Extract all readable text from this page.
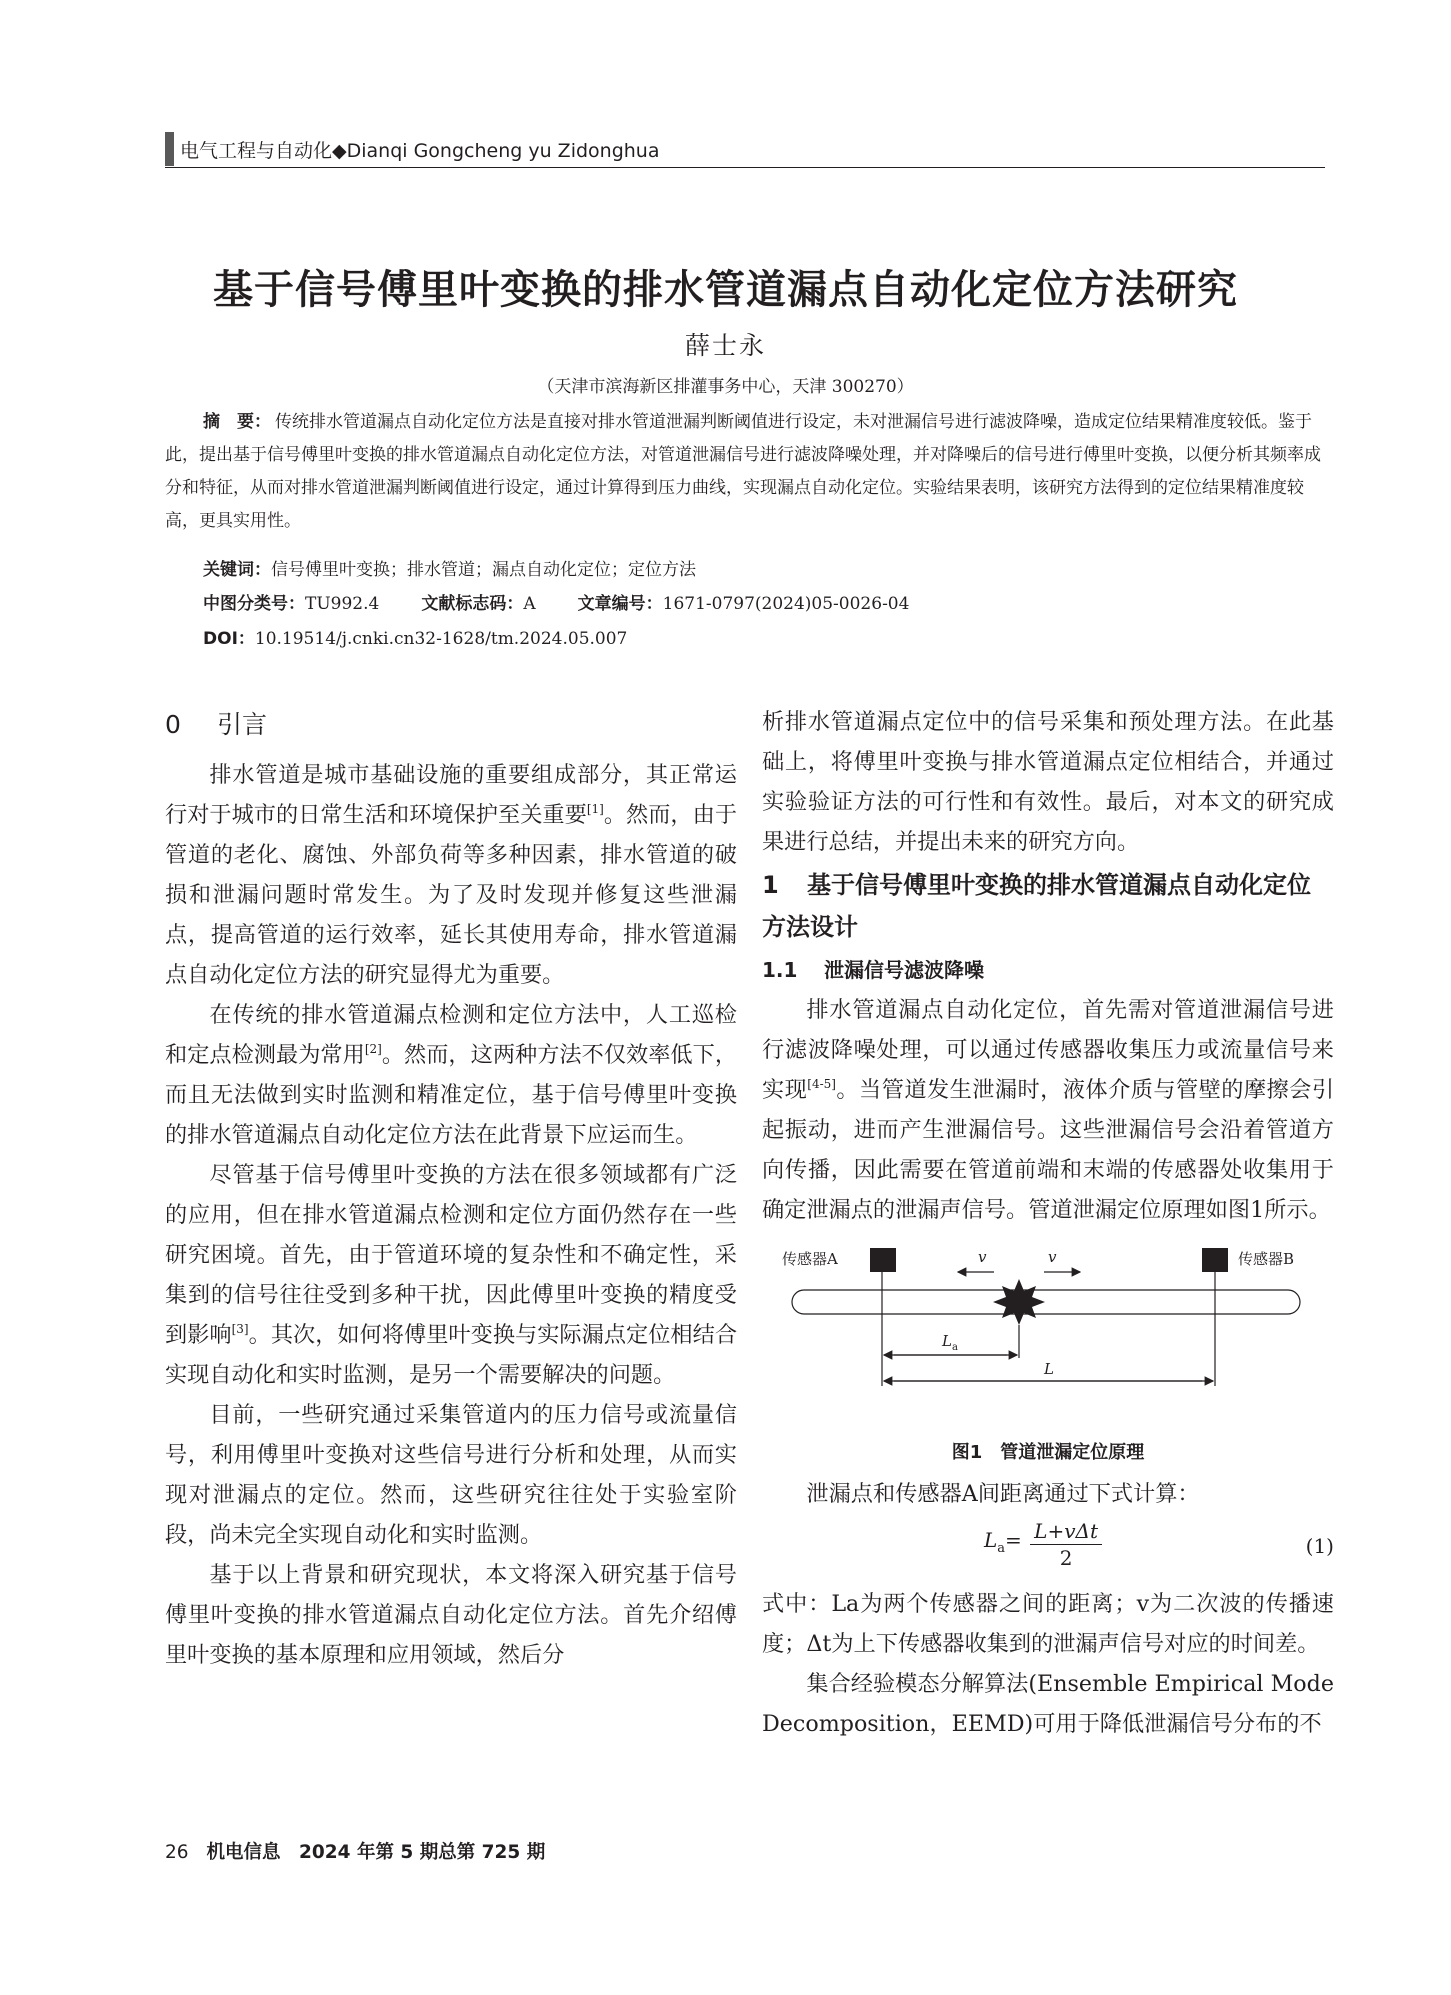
电气工程与自动化◆Dianqi Gongcheng yu Zidonghua
基于信号傅里叶变换的排水管道漏点自动化定位方法研究
薛士永
（天津市滨海新区排灌事务中心，天津 300270）
摘　要： 传统排水管道漏点自动化定位方法是直接对排水管道泄漏判断阈值进行设定，未对泄漏信号进行滤波降噪，造成定位结果精准度较低。鉴于此，提出基于信号傅里叶变换的排水管道漏点自动化定位方法，对管道泄漏信号进行滤波降噪处理，并对降噪后的信号进行傅里叶变换，以便分析其频率成分和特征，从而对排水管道泄漏判断阈值进行设定，通过计算得到压力曲线，实现漏点自动化定位。实验结果表明，该研究方法得到的定位结果精准度较高，更具实用性。
关键词：信号傅里叶变换；排水管道；漏点自动化定位；定位方法
中图分类号：TU992.4 文献标志码：A 文章编号：1671-0797(2024)05-0026-04
DOI：10.19514/j.cnki.cn32-1628/tm.2024.05.007
0 引言

排水管道是城市基础设施的重要组成部分，其正常运行对于城市的日常生活和环境保护至关重要[1]。然而，由于管道的老化、腐蚀、外部负荷等多种因素，排水管道的破损和泄漏问题时常发生。为了及时发现并修复这些泄漏点，提高管道的运行效率，延长其使用寿命，排水管道漏点自动化定位方法的研究显得尤为重要。

在传统的排水管道漏点检测和定位方法中，人工巡检和定点检测最为常用[2]。然而，这两种方法不仅效率低下，而且无法做到实时监测和精准定位，基于信号傅里叶变换的排水管道漏点自动化定位方法在此背景下应运而生。

尽管基于信号傅里叶变换的方法在很多领域都有广泛的应用，但在排水管道漏点检测和定位方面仍然存在一些研究困境。首先，由于管道环境的复杂性和不确定性，采集到的信号往往受到多种干扰，因此傅里叶变换的精度受到影响[3]。其次，如何将傅里叶变换与实际漏点定位相结合实现自动化和实时监测，是另一个需要解决的问题。

目前，一些研究通过采集管道内的压力信号或流量信号，利用傅里叶变换对这些信号进行分析和处理，从而实现对泄漏点的定位。然而，这些研究往往处于实验室阶段，尚未完全实现自动化和实时监测。

基于以上背景和研究现状，本文将深入研究基于信号傅里叶变换的排水管道漏点自动化定位方法。首先介绍傅里叶变换的基本原理和应用领域，然后分

析排水管道漏点定位中的信号采集和预处理方法。在此基础上，将傅里叶变换与排水管道漏点定位相结合，并通过实验验证方法的可行性和有效性。最后，对本文的研究成果进行总结，并提出未来的研究方向。

1 基于信号傅里叶变换的排水管道漏点自动化定位方法设计
1.1 泄漏信号滤波降噪

排水管道漏点自动化定位，首先需对管道泄漏信号进行滤波降噪处理，可以通过传感器收集压力或流量信号来实现[4-5]。当管道发生泄漏时，液体介质与管壁的摩擦会引起振动，进而产生泄漏信号。这些泄漏信号会沿着管道方向传播，因此需要在管道前端和末端的传感器处收集用于确定泄漏点的泄漏声信号。管道泄漏定位原理如图1所示。

传感器A	传感器B
v	v
$L_a$
L
图1　管道泄漏定位原理

泄漏点和传感器A间距离通过下式计算：

$L_a= L+v\Delta t$
2	(1)

式中：La为两个传感器之间的距离；v为二次波的传播速度；Δt为上下传感器收集到的泄漏声信号对应的时间差。

集合经验模态分解算法(Ensemble Empirical Mode Decomposition，EEMD)可用于降低泄漏信号分布的不

26 机电信息　2024 年第 5 期总第 725 期
